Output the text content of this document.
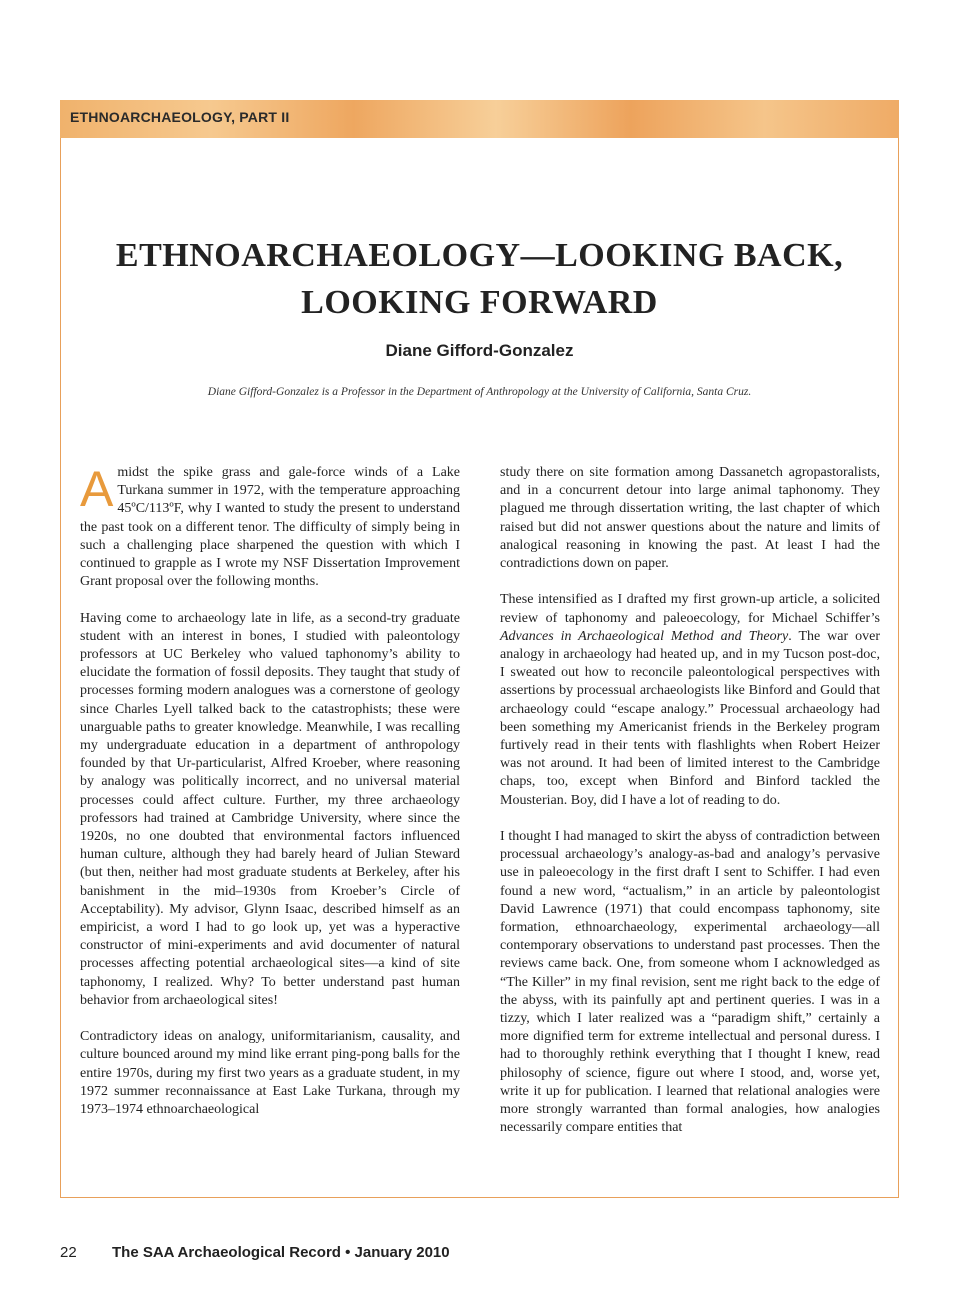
ETHNOARCHAEOLOGY, PART II
ETHNOARCHAEOLOGY—LOOKING BACK,
LOOKING FORWARD
Diane Gifford-Gonzalez
Diane Gifford-Gonzalez is a Professor in the Department of Anthropology at the University of California, Santa Cruz.

Amidst the spike grass and gale-force winds of a Lake Turkana summer in 1972, with the temperature approaching 45ºC/113ºF, why I wanted to study the present to understand the past took on a different tenor. The difficulty of simply being in such a challenging place sharpened the question with which I continued to grapple as I wrote my NSF Dissertation Improvement Grant proposal over the following months.

Having come to archaeology late in life, as a second-try graduate student with an interest in bones, I studied with paleontology professors at UC Berkeley who valued taphonomy’s ability to elucidate the formation of fossil deposits. They taught that study of processes forming modern analogues was a cornerstone of geology since Charles Lyell talked back to the catastrophists; these were unarguable paths to greater knowledge. Meanwhile, I was recalling my undergraduate education in a department of anthropology founded by that Ur-particularist, Alfred Kroeber, where reasoning by analogy was politically incorrect, and no universal material processes could affect culture. Further, my three archaeology professors had trained at Cambridge University, where since the 1920s, no one doubted that environmental factors influenced human culture, although they had barely heard of Julian Steward (but then, neither had most graduate students at Berkeley, after his banishment in the mid–1930s from Kroeber’s Circle of Acceptability). My advisor, Glynn Isaac, described himself as an empiricist, a word I had to go look up, yet was a hyperactive constructor of mini-experiments and avid documenter of natural processes affecting potential archaeological sites—a kind of site taphonomy, I realized. Why? To better understand past human behavior from archaeological sites!

Contradictory ideas on analogy, uniformitarianism, causality, and culture bounced around my mind like errant ping-pong balls for the entire 1970s, during my first two years as a graduate student, in my 1972 summer reconnaissance at East Lake Turkana, through my 1973–1974 ethnoarchaeological

study there on site formation among Dassanetch agropastoralists, and in a concurrent detour into large animal taphonomy. They plagued me through dissertation writing, the last chapter of which raised but did not answer questions about the nature and limits of analogical reasoning in knowing the past. At least I had the contradictions down on paper.

These intensified as I drafted my first grown-up article, a solicited review of taphonomy and paleoecology, for Michael Schiffer’s Advances in Archaeological Method and Theory. The war over analogy in archaeology had heated up, and in my Tucson post-doc, I sweated out how to reconcile paleontological perspectives with assertions by processual archaeologists like Binford and Gould that archaeology could “escape analogy.” Processual archaeology had been something my Americanist friends in the Berkeley program furtively read in their tents with flashlights when Robert Heizer was not around. It had been of limited interest to the Cambridge chaps, too, except when Binford and Binford tackled the Mousterian. Boy, did I have a lot of reading to do.

I thought I had managed to skirt the abyss of contradiction between processual archaeology’s analogy-as-bad and analogy’s pervasive use in paleoecology in the first draft I sent to Schiffer. I had even found a new word, “actualism,” in an article by paleontologist David Lawrence (1971) that could encompass taphonomy, site formation, ethnoarchaeology, experimental archaeology—all contemporary observations to understand past processes. Then the reviews came back. One, from someone whom I acknowledged as “The Killer” in my final revision, sent me right back to the edge of the abyss, with its painfully apt and pertinent queries. I was in a tizzy, which I later realized was a “paradigm shift,” certainly a more dignified term for extreme intellectual and personal duress. I had to thoroughly rethink everything that I thought I knew, read philosophy of science, figure out where I stood, and, worse yet, write it up for publication. I learned that relational analogies were more strongly warranted than formal analogies, how analogies necessarily compare entities that

22 The SAA Archaeological Record • January 2010
